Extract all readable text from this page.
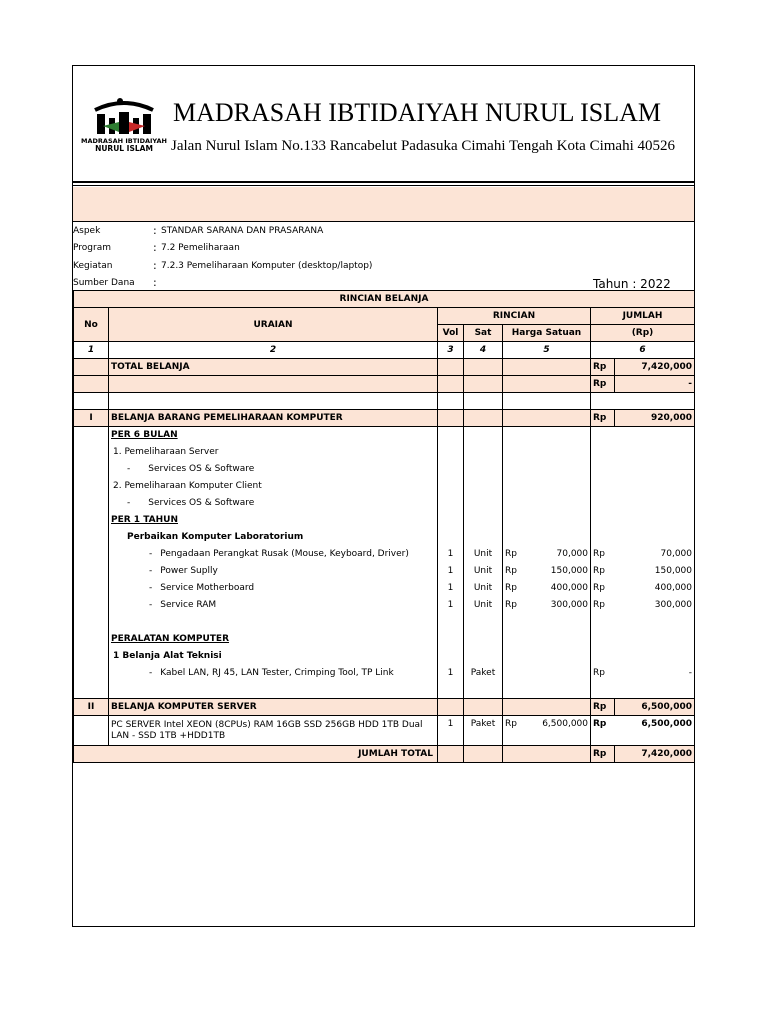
MADRASAH IBTIDAIYAH
NURUL ISLAM
MADRASAH IBTIDAIYAH NURUL ISLAM
Jalan Nurul Islam No.133 Rancabelut Padasuka Cimahi Tengah Kota Cimahi 40526
Aspek	: STANDAR SARANA DAN PRASARANA
Program	: 7.2 Pemeliharaan
Kegiatan	: 7.2.3 Pemeliharaan Komputer (desktop/laptop)
Sumber Dana :	Tahun : 2022
RINCIAN BELANJA						
No	URAIAN	RINCIAN			JUMLAH	
		Vol	Sat	Harga Satuan	(Rp)	
1	2	3	4	5	6	
	TOTAL BELANJA				Rp	7,420,000
					Rp	-

I	BELANJA BARANG PEMELIHARAAN KOMPUTER				Rp	920,000
	PER 6 BULAN					
	1. Pemeliharaan Server					
	- Services OS & Software					
	2. Pemeliharaan Komputer Client					
	- Services OS & Software					
	PER 1 TAHUN					
	Perbaikan Komputer Laboratorium					
	- Pengadaan Perangkat Rusak (Mouse, Keyboard, Driver)	1	Unit	Rp 70,000	Rp	70,000
	- Power Suplly	1	Unit	Rp 150,000	Rp	150,000
	- Service Motherboard	1	Unit	Rp 400,000	Rp	400,000
	- Service RAM	1	Unit	Rp 300,000	Rp	300,000

	PERALATAN KOMPUTER					
	1 Belanja Alat Teknisi					
	- Kabel LAN, RJ 45, LAN Tester, Crimping Tool, TP Link	1	Paket		Rp	-

II	BELANJA KOMPUTER SERVER				Rp	6,500,000
	PC SERVER Intel XEON (8CPUs) RAM 16GB SSD 256GB HDD 1TB Dual LAN - SSD 1TB +HDD1TB	1	Paket	Rp 6,500,000	Rp	6,500,000
JUMLAH TOTAL					Rp	7,420,000
